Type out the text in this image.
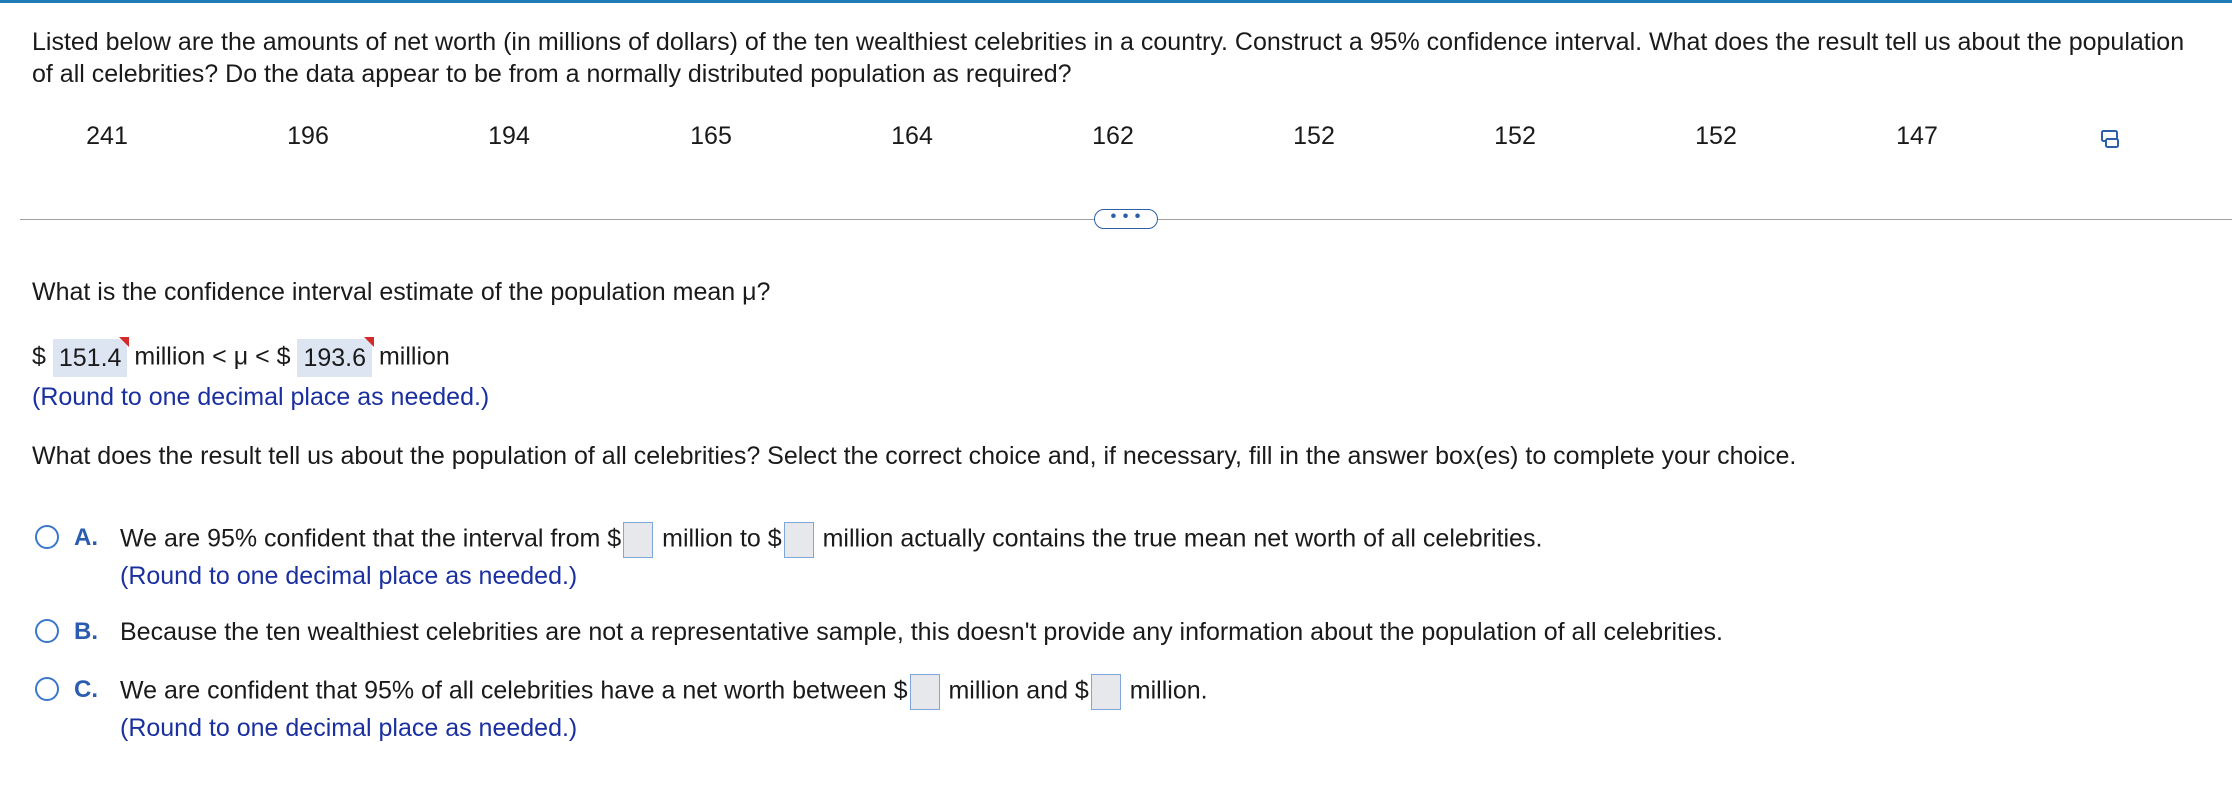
Listed below are the amounts of net worth (in millions of dollars) of the ten wealthiest celebrities in a country. Construct a 95% confidence interval. What does the result tell us about the population of all celebrities? Do the data appear to be from a normally distributed population as required?
241	196	194	165	164	162	152	152	152	147
• • •
What is the confidence interval estimate of the population mean μ?
$ 151.4 million < μ < $ 193.6 million
(Round to one decimal place as needed.)
What does the result tell us about the population of all celebrities? Select the correct choice and, if necessary, fill in the answer box(es) to complete your choice.
A. We are 95% confident that the interval from $ million to $ million actually contains the true mean net worth of all celebrities.
(Round to one decimal place as needed.)
B. Because the ten wealthiest celebrities are not a representative sample, this doesn't provide any information about the population of all celebrities.
C. We are confident that 95% of all celebrities have a net worth between $ million and $ million.
(Round to one decimal place as needed.)
